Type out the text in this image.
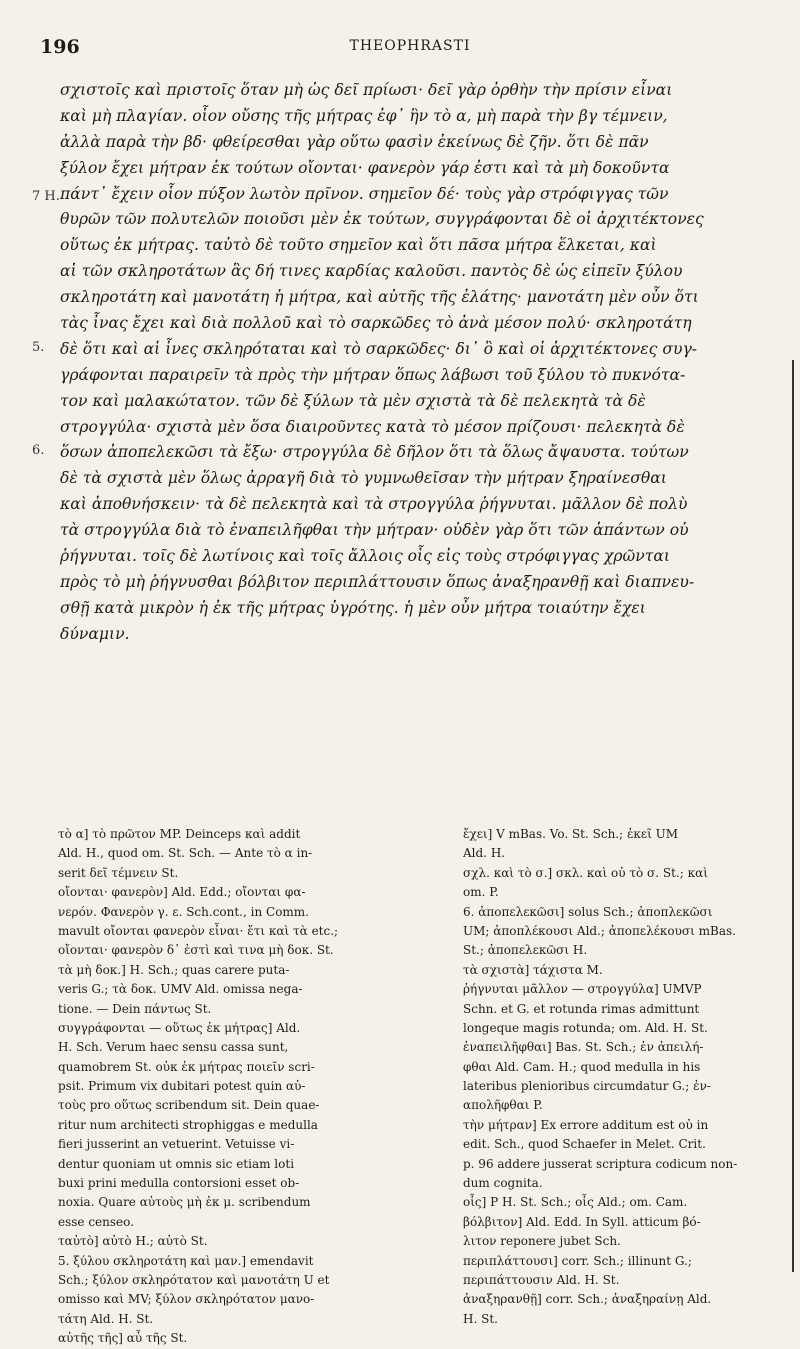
196	THEOPHRASTI
7 H.
5.
6.
σχιστοῖς καὶ πριστοῖς ὅταν μὴ ὡς δεῖ πρίωσι· δεῖ γὰρ ὀρθὴν τὴν πρίσιν εἶναι
καὶ μὴ πλαγίαν. οἷον οὔσης τῆς μήτρας ἐφ᾽ ἣν τὸ α, μὴ παρὰ τὴν βγ τέμνειν,
ἀλλὰ παρὰ τὴν βδ· φθείρεσθαι γὰρ οὕτω φασὶν ἐκείνως δὲ ζῆν. ὅτι δὲ πᾶν
ξύλον ἔχει μήτραν ἐκ τούτων οἴονται· φανερὸν γάρ ἐστι καὶ τὰ μὴ δοκοῦντα
πάντ᾽ ἔχειν οἷον πύξον λωτὸν πρῖνον. σημεῖον δέ· τοὺς γὰρ στρόφιγγας τῶν
θυρῶν τῶν πολυτελῶν ποιοῦσι μὲν ἐκ τούτων, συγγράφονται δὲ οἱ ἀρχιτέκτονες
οὕτως ἐκ μήτρας. ταὐτὸ δὲ τοῦτο σημεῖον καὶ ὅτι πᾶσα μήτρα ἕλκεται, καὶ
αἱ τῶν σκληροτάτων ἃς δή τινες καρδίας καλοῦσι. παντὸς δὲ ὡς εἰπεῖν ξύλου
σκληροτάτη καὶ μανοτάτη ἡ μήτρα, καὶ αὐτῆς τῆς ἐλάτης· μανοτάτη μὲν οὖν ὅτι
τὰς ἶνας ἔχει καὶ διὰ πολλοῦ καὶ τὸ σαρκῶδες τὸ ἀνὰ μέσον πολύ· σκληροτάτη
δὲ ὅτι καὶ αἱ ἶνες σκληρόταται καὶ τὸ σαρκῶδες· δι᾽ ὃ καὶ οἱ ἀρχιτέκτονες συγ-
γράφονται παραιρεῖν τὰ πρὸς τὴν μήτραν ὅπως λάβωσι τοῦ ξύλου τὸ πυκνότα-
τον καὶ μαλακώτατον. τῶν δὲ ξύλων τὰ μὲν σχιστὰ τὰ δὲ πελεκητὰ τὰ δὲ
στρογγύλα· σχιστὰ μὲν ὅσα διαιροῦντες κατὰ τὸ μέσον πρίζουσι· πελεκητὰ δὲ
ὅσων ἀποπελεκῶσι τὰ ἔξω· στρογγύλα δὲ δῆλον ὅτι τὰ ὅλως ἄψαυστα. τούτων
δὲ τὰ σχιστὰ μὲν ὅλως ἀρραγῆ διὰ τὸ γυμνωθεῖσαν τὴν μήτραν ξηραίνεσθαι
καὶ ἀποθνήσκειν· τὰ δὲ πελεκητὰ καὶ τὰ στρογγύλα ῥήγνυται. μᾶλλον δὲ πολὺ
τὰ στρογγύλα διὰ τὸ ἐναπειλῆφθαι τὴν μήτραν· οὐδὲν γὰρ ὅτι τῶν ἁπάντων οὐ
ῥήγνυται. τοῖς δὲ λωτίνοις καὶ τοῖς ἄλλοις οἷς εἰς τοὺς στρόφιγγας χρῶνται
πρὸς τὸ μὴ ῥήγνυσθαι βόλβιτον περιπλάττουσιν ὅπως ἀναξηρανθῇ καὶ διαπνευ-
σθῇ κατὰ μικρὸν ἡ ἐκ τῆς μήτρας ὑγρότης. ἡ μὲν οὖν μήτρα τοιαύτην ἔχει
δύναμιν.
τὸ α] τὸ πρῶτον MP. Deinceps καὶ addit
Ald. H., quod om. St. Sch. — Ante τὸ α in-
serit δεῖ τέμνειν St.
οἴονται· φανερὸν] Ald. Edd.; οἴονται φα-
νερόν. Φανερὸν γ. ε. Sch.cont., in Comm.
mavult οἴονται φανερὸν εἶναι· ἔτι καὶ τὰ etc.;
οἴονται· φανερὸν δ᾽ ἐστὶ καὶ τινα μὴ δοκ. St.
τὰ μὴ δοκ.] H. Sch.; quas carere puta-
veris G.; τὰ δοκ. UMV Ald. omissa nega-
tione. — Dein πάντως St.
συγγράφονται — οὕτως ἐκ μήτρας] Ald.
H. Sch. Verum haec sensu cassa sunt,
quamobrem St. οὐκ ἐκ μήτρας ποιεῖν scri-
psit. Primum vix dubitari potest quin αὐ-
τοὺς pro οὕτως scribendum sit. Dein quae-
ritur num architecti strophiggas e medulla
fieri jusserint an vetuerint. Vetuisse vi-
dentur quoniam ut omnis sic etiam loti
buxi prini medulla contorsioni esset ob-
noxia. Quare αὐτοὺς μὴ ἐκ μ. scribendum
esse censeo.
ταὐτὸ] αὐτὸ H.; αὐτὸ St.
5. ξύλου σκληροτάτη καὶ μαν.] emendavit
Sch.; ξύλον σκληρότατον καὶ μανοτάτη U et
omisso καὶ MV; ξύλον σκληρότατον μανο-
τάτη Ald. H. St.
αὐτῆς τῆς] αὖ τῆς St.
ἔχει] V mBas. Vo. St. Sch.; ἐκεῖ UM
Ald. H.
σχλ. καὶ τὸ σ.] σκλ. καὶ οὐ τὸ σ. St.; καὶ
om. P.
6. ἀποπελεκῶσι] solus Sch.; ἀποπλεκῶσι
UM; ἀποπλέκουσι Ald.; ἀποπελέκουσι mBas.
St.; ἀποπελεκῶσι H.
τὰ σχιστὰ] τάχιστα M.
ῥήγνυται μᾶλλον — στρογγύλα] UMVP
Schn. et G. et rotunda rimas admittunt
longeque magis rotunda; om. Ald. H. St.
ἐναπειλῆφθαι] Bas. St. Sch.; ἐν ἀπειλή-
φθαι Ald. Cam. H.; quod medulla in his
lateribus plenioribus circumdatur G.; ἐν-
απολῆφθαι P.
τὴν μήτραν] Ex errore additum est οὐ in
edit. Sch., quod Schaefer in Melet. Crit.
p. 96 addere jusserat scriptura codicum non-
dum cognita.
οἷς] P H. St. Sch.; οἷς Ald.; om. Cam.
βόλβιτον] Ald. Edd. In Syll. atticum βό-
λιτον reponere jubet Sch.
περιπλάττουσι] corr. Sch.; illinunt G.;
περιπάττουσιν Ald. H. St.
ἀναξηρανθῇ] corr. Sch.; ἀναξηραίνῃ Ald.
H. St.
